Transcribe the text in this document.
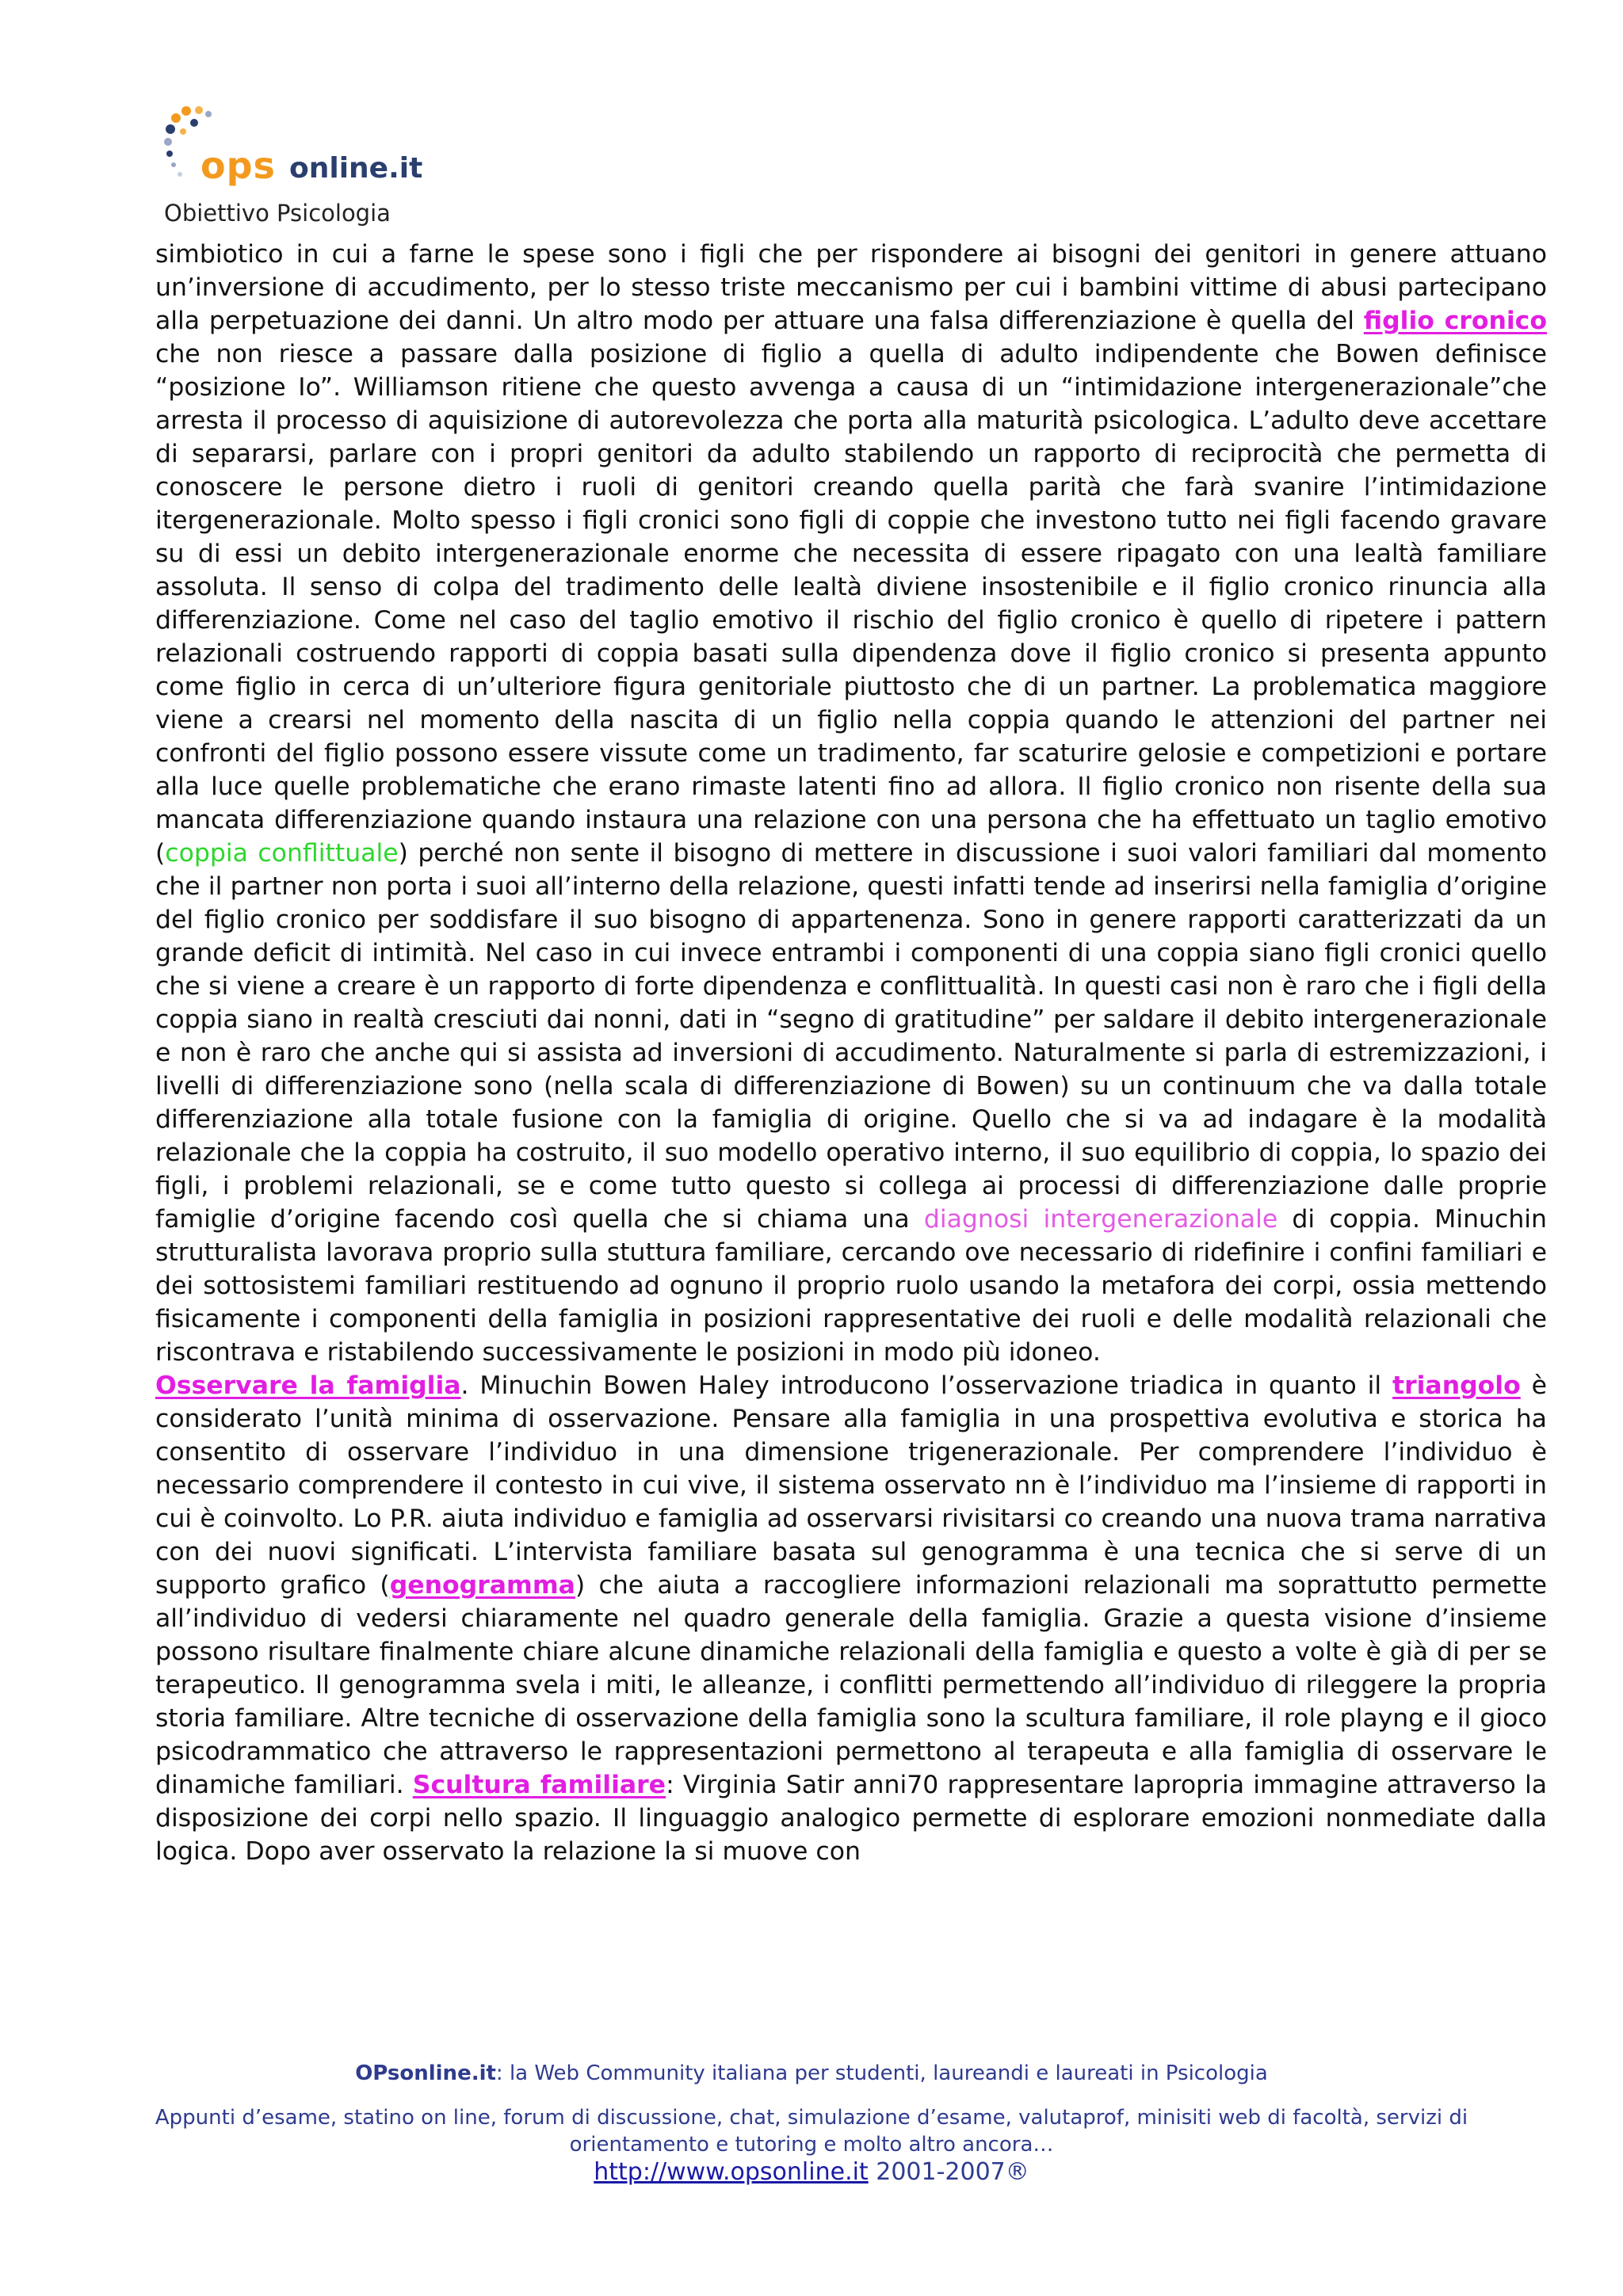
ops online.it
Obiettivo Psicologia

simbiotico in cui a farne le spese sono i figli che per rispondere ai bisogni dei genitori in genere attuano un’inversione di accudimento, per lo stesso triste meccanismo per cui i bambini vittime di abusi partecipano alla perpetuazione dei danni. Un altro modo per attuare una falsa differenziazione è quella del figlio cronico che non riesce a passare dalla posizione di figlio a quella di adulto indipendente che Bowen definisce “posizione Io”. Williamson ritiene che questo avvenga a causa di un “intimidazione intergenerazionale”che arresta il processo di aquisizione di autorevolezza che porta alla maturità psicologica. L’adulto deve accettare di separarsi, parlare con i propri genitori da adulto stabilendo un rapporto di reciprocità che permetta di conoscere le persone dietro i ruoli di genitori creando quella parità che farà svanire l’intimidazione itergenerazionale. Molto spesso i figli cronici sono figli di coppie che investono tutto nei figli facendo gravare su di essi un debito intergenerazionale enorme che necessita di essere ripagato con una lealtà familiare assoluta. Il senso di colpa del tradimento delle lealtà diviene insostenibile e il figlio cronico rinuncia alla differenziazione. Come nel caso del taglio emotivo il rischio del figlio cronico è quello di ripetere i pattern relazionali costruendo rapporti di coppia basati sulla dipendenza dove il figlio cronico si presenta appunto come figlio in cerca di un’ulteriore figura genitoriale piuttosto che di un partner. La problematica maggiore viene a crearsi nel momento della nascita di un figlio nella coppia quando le attenzioni del partner nei confronti del figlio possono essere vissute come un tradimento, far scaturire gelosie e competizioni e portare alla luce quelle problematiche che erano rimaste latenti fino ad allora. Il figlio cronico non risente della sua mancata differenziazione quando instaura una relazione con una persona che ha effettuato un taglio emotivo (coppia conflittuale) perché non sente il bisogno di mettere in discussione i suoi valori familiari dal momento che il partner non porta i suoi all’interno della relazione, questi infatti tende ad inserirsi nella famiglia d’origine del figlio cronico per soddisfare il suo bisogno di appartenenza. Sono in genere rapporti caratterizzati da un grande deficit di intimità. Nel caso in cui invece entrambi i componenti di una coppia siano figli cronici quello che si viene a creare è un rapporto di forte dipendenza e conflittualità. In questi casi non è raro che i figli della coppia siano in realtà cresciuti dai nonni, dati in “segno di gratitudine” per saldare il debito intergenerazionale e non è raro che anche qui si assista ad inversioni di accudimento. Naturalmente si parla di estremizzazioni, i livelli di differenziazione sono (nella scala di differenziazione di Bowen) su un continuum che va dalla totale differenziazione alla totale fusione con la famiglia di origine. Quello che si va ad indagare è la modalità relazionale che la coppia ha costruito, il suo modello operativo interno, il suo equilibrio di coppia, lo spazio dei figli, i problemi relazionali, se e come tutto questo si collega ai processi di differenziazione dalle proprie famiglie d’origine facendo così quella che si chiama una diagnosi intergenerazionale di coppia. Minuchin strutturalista lavorava proprio sulla stuttura familiare, cercando ove necessario di ridefinire i confini familiari e dei sottosistemi familiari restituendo ad ognuno il proprio ruolo usando la metafora dei corpi, ossia mettendo fisicamente i componenti della famiglia in posizioni rappresentative dei ruoli e delle modalità relazionali che riscontrava e ristabilendo successivamente le posizioni in modo più idoneo.

Osservare la famiglia. Minuchin Bowen Haley introducono l’osservazione triadica in quanto il triangolo è considerato l’unità minima di osservazione. Pensare alla famiglia in una prospettiva evolutiva e storica ha consentito di osservare l’individuo in una dimensione trigenerazionale. Per comprendere l’individuo è necessario comprendere il contesto in cui vive, il sistema osservato nn è l’individuo ma l’insieme di rapporti in cui è coinvolto. Lo P.R. aiuta individuo e famiglia ad osservarsi rivisitarsi co creando una nuova trama narrativa con dei nuovi significati. L’intervista familiare basata sul genogramma è una tecnica che si serve di un supporto grafico (genogramma) che aiuta a raccogliere informazioni relazionali ma soprattutto permette all’individuo di vedersi chiaramente nel quadro generale della famiglia. Grazie a questa visione d’insieme possono risultare finalmente chiare alcune dinamiche relazionali della famiglia e questo a volte è già di per se terapeutico. Il genogramma svela i miti, le alleanze, i conflitti permettendo all’individuo di rileggere la propria storia familiare. Altre tecniche di osservazione della famiglia sono la scultura familiare, il role playng e il gioco psicodrammatico che attraverso le rappresentazioni permettono al terapeuta e alla famiglia di osservare le dinamiche familiari. Scultura familiare: Virginia Satir anni70 rappresentare lapropria immagine attraverso la disposizione dei corpi nello spazio. Il linguaggio analogico permette di esplorare emozioni nonmediate dalla logica. Dopo aver osservato la relazione la si muove con

OPsonline.it: la Web Community italiana per studenti, laureandi e laureati in Psicologia

Appunti d’esame, statino on line, forum di discussione, chat, simulazione d’esame, valutaprof, minisiti web di facoltà, servizi di orientamento e tutoring e molto altro ancora…

http://www.opsonline.it 2001-2007®
